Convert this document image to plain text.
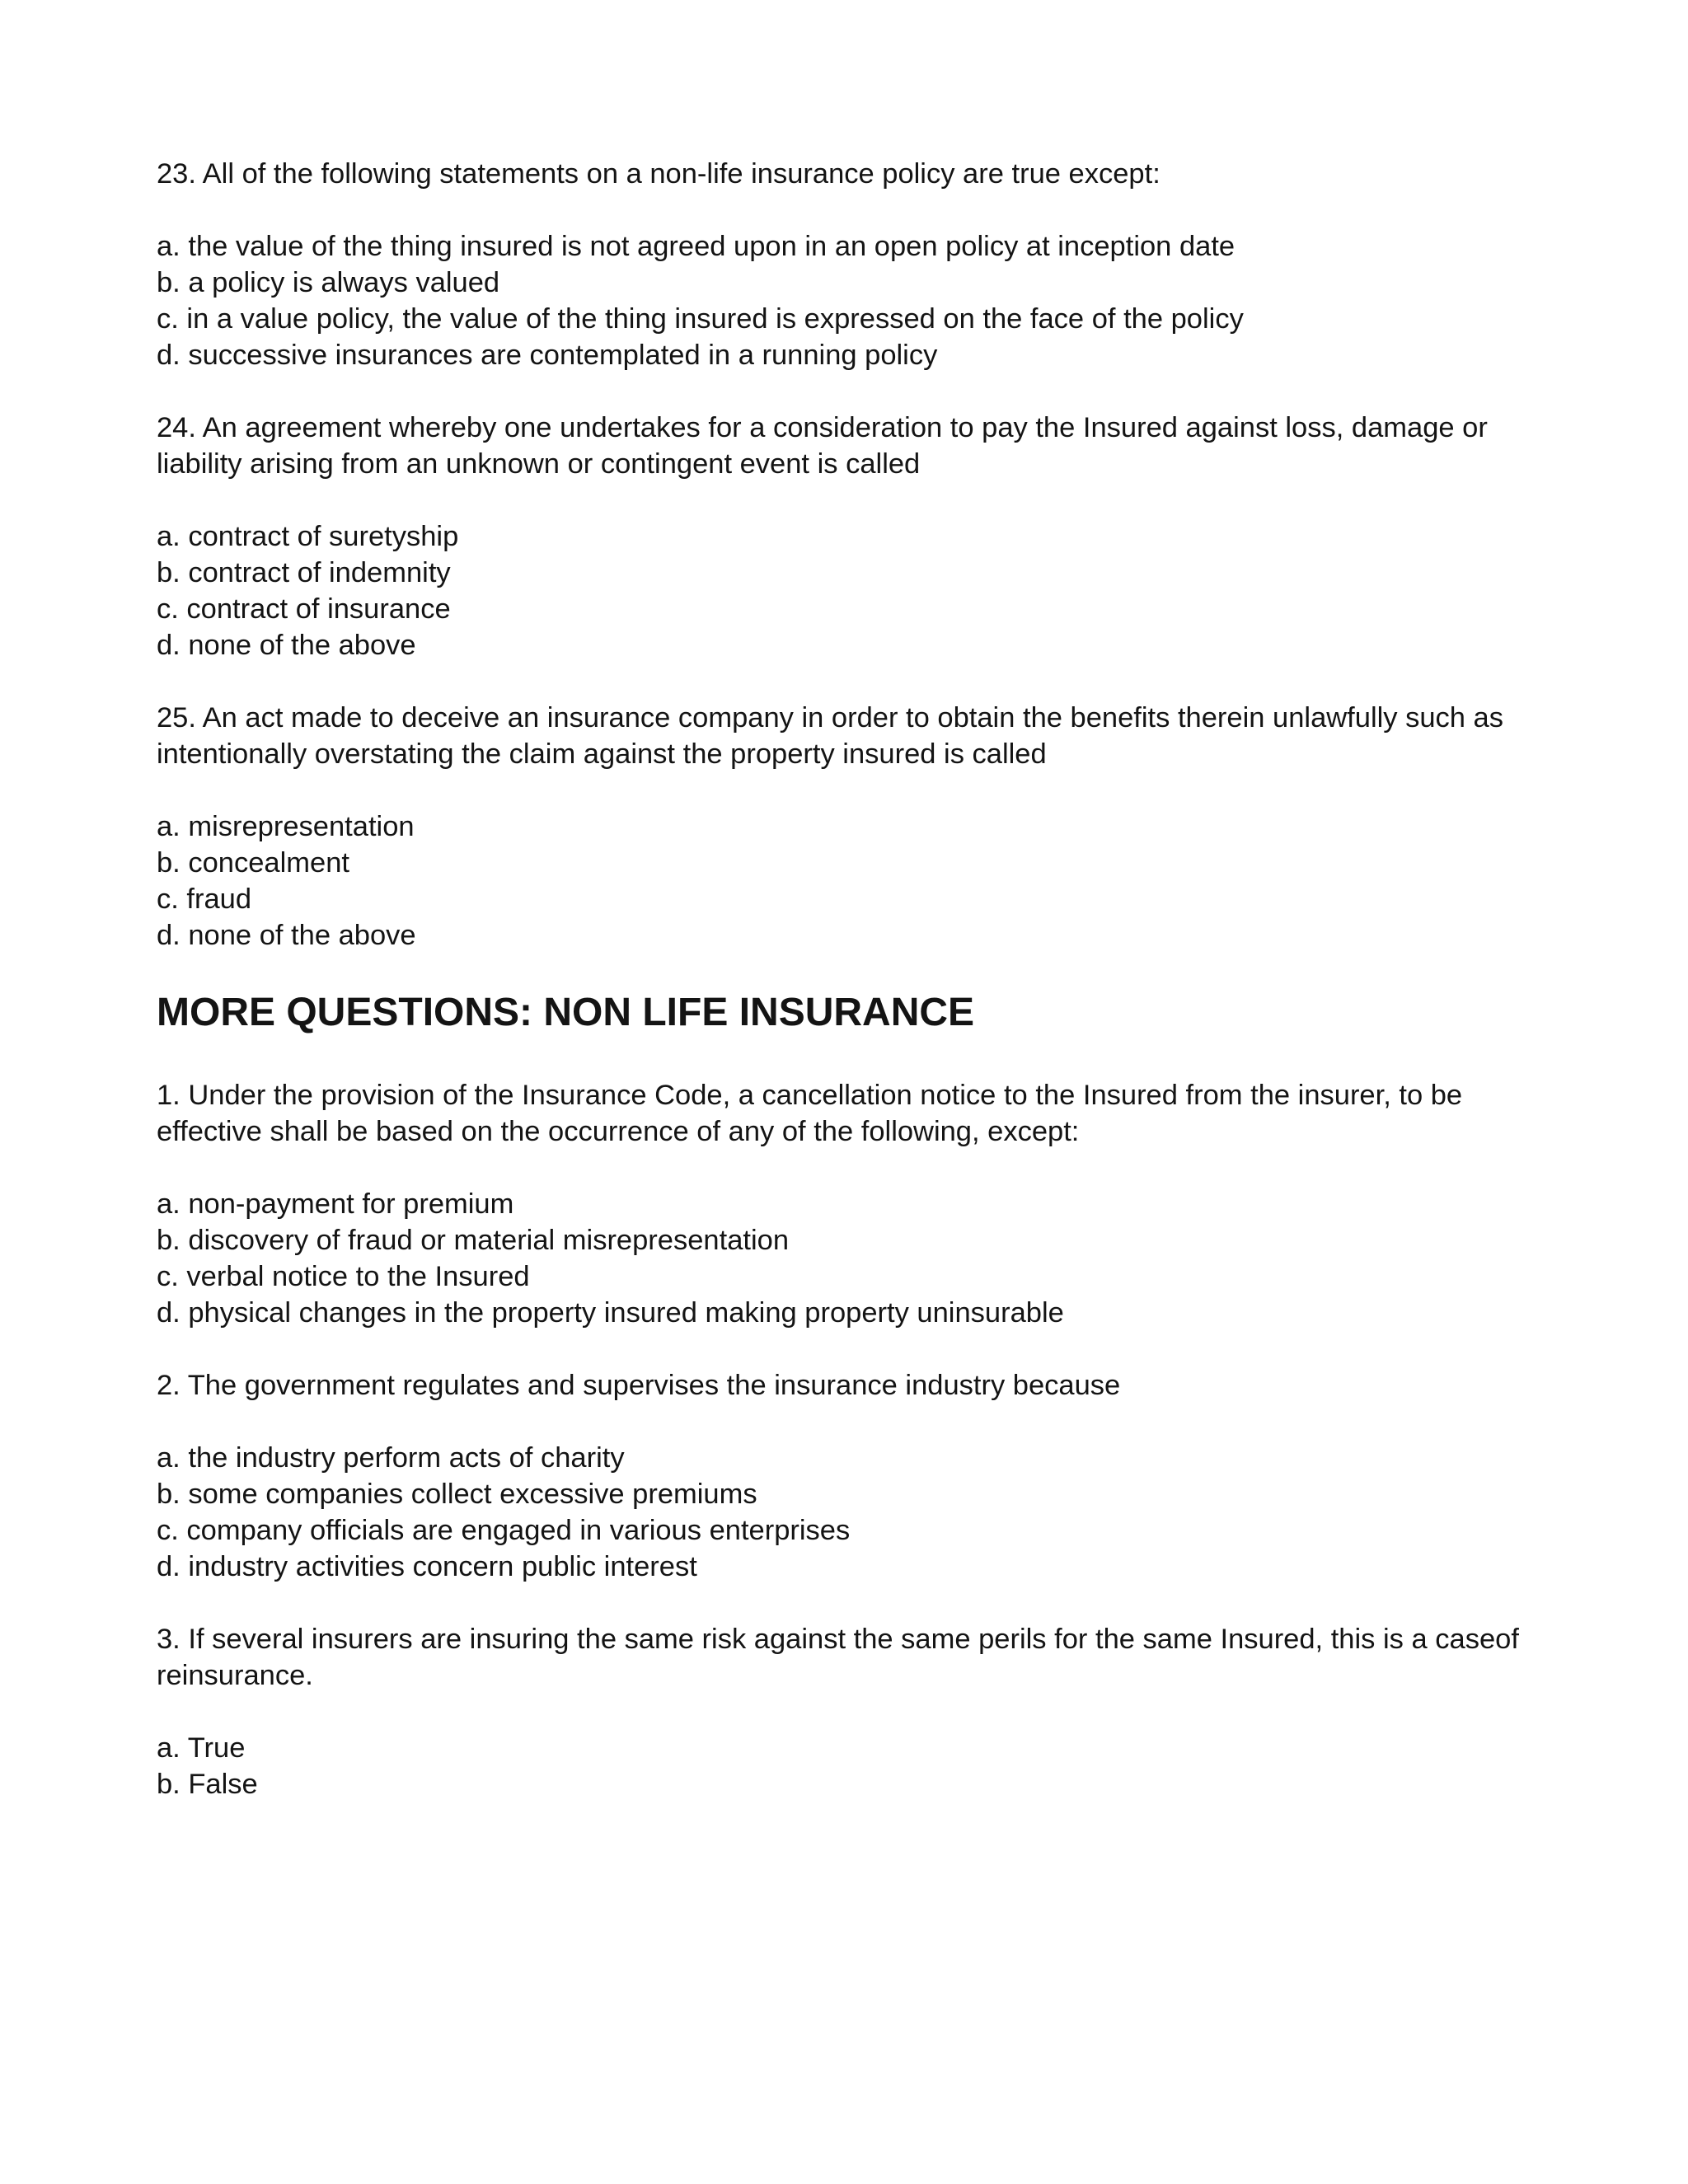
23. All of the following statements on a non-life insurance policy are true except:

a. the value of the thing insured is not agreed upon in an open policy at inception date

b. a policy is always valued

c. in a value policy, the value of the thing insured is expressed on the face of the policy

d. successive insurances are contemplated in a running policy

24. An agreement whereby one undertakes for a consideration to pay the Insured against loss, damage or

liability arising from an unknown or contingent event is called

a. contract of suretyship

b. contract of indemnity

c. contract of insurance

d. none of the above

25. An act made to deceive an insurance company in order to obtain the benefits therein unlawfully such as

intentionally overstating the claim against the property insured is called

a. misrepresentation

b. concealment

c. fraud

d. none of the above

MORE QUESTIONS: NON LIFE INSURANCE

1. Under the provision of the Insurance Code, a cancellation notice to the Insured from the insurer, to be

effective shall be based on the occurrence of any of the following, except:

a. non-payment for premium

b. discovery of fraud or material misrepresentation

c. verbal notice to the Insured

d. physical changes in the property insured making property uninsurable

2. The government regulates and supervises the insurance industry because

a. the industry perform acts of charity

b. some companies collect excessive premiums

c. company officials are engaged in various enterprises

d. industry activities concern public interest

3. If several insurers are insuring the same risk against the same perils for the same Insured, this is a caseof

reinsurance.

a. True

b. False
